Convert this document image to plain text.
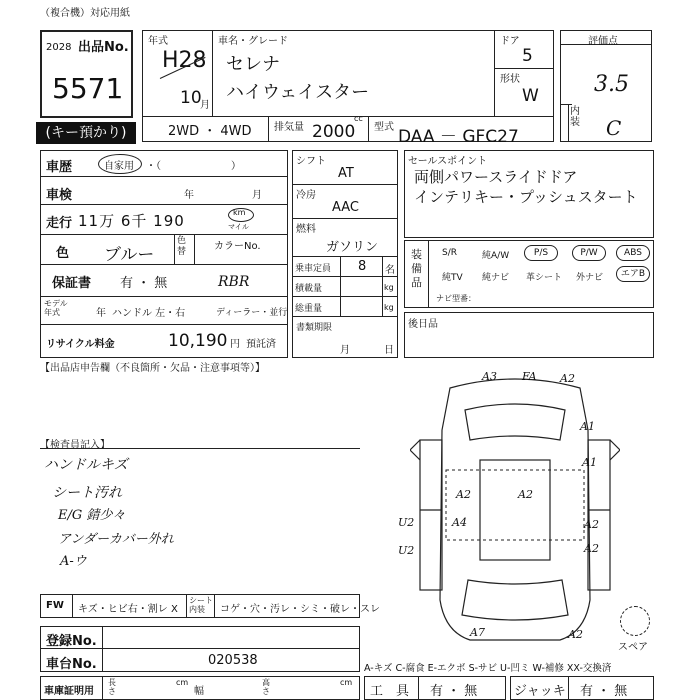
（複合機）対応用紙
出品No.
2028
5571
(キー預かり)
年式
H28
10
月
車名・グレード
セレナ
ハイウェイスター
ドア
5
形状
W
2WD ・ 4WD 排気量
cc
2000 型式 DAA － GFC27
評価点
3.5
内装 C
車歴	自家用 ・（　　　　　　　）
車検	年	月
走行 11万 6千 190	km
マイル
色 ブルー
色替	カラーNo.
RBR
保証書 有 ・ 無
モデル年式	年 ハンドル 左・右	ディーラー・並行
リサイクル料金	10,190 円 預託済
シフト
AT
冷房
AAC
燃料
ガソリン
乗車定員 8 名
積載量	kg
総重量	kg
書類期限
月	日
セールスポイント
両側パワースライドドア
インテリキー・プッシュスタート
装備品
S/R	純A/W	P/S	P/W	ABS
純TV 純ナビ 革シート 外ナビ	エアB
ナビ型番：
後日品
【出品店申告欄（不良箇所・欠品・注意事項等）】
【検査員記入】
ハンドルキズ
シート汚れ
E/G 錆少々
アンダーカバー外れ
A-ウ
FW キズ・ヒビ右・割レ X
シート内装	コゲ・穴・汚レ・シミ・破レ・スレ
登録No.
車台No.	020538
車庫証明用
長さ
cm
幅
高さ
cm
A-キズ C-腐食 E-エクボ S-サビ U-凹ミ W-補修 XX-交換済
工　具 有 ・ 無	ジャッキ 有 ・ 無
スペア
A3 FA A2
A1
A1
A2	A2
U2	A4	A2
U2	A2
A2
A7
